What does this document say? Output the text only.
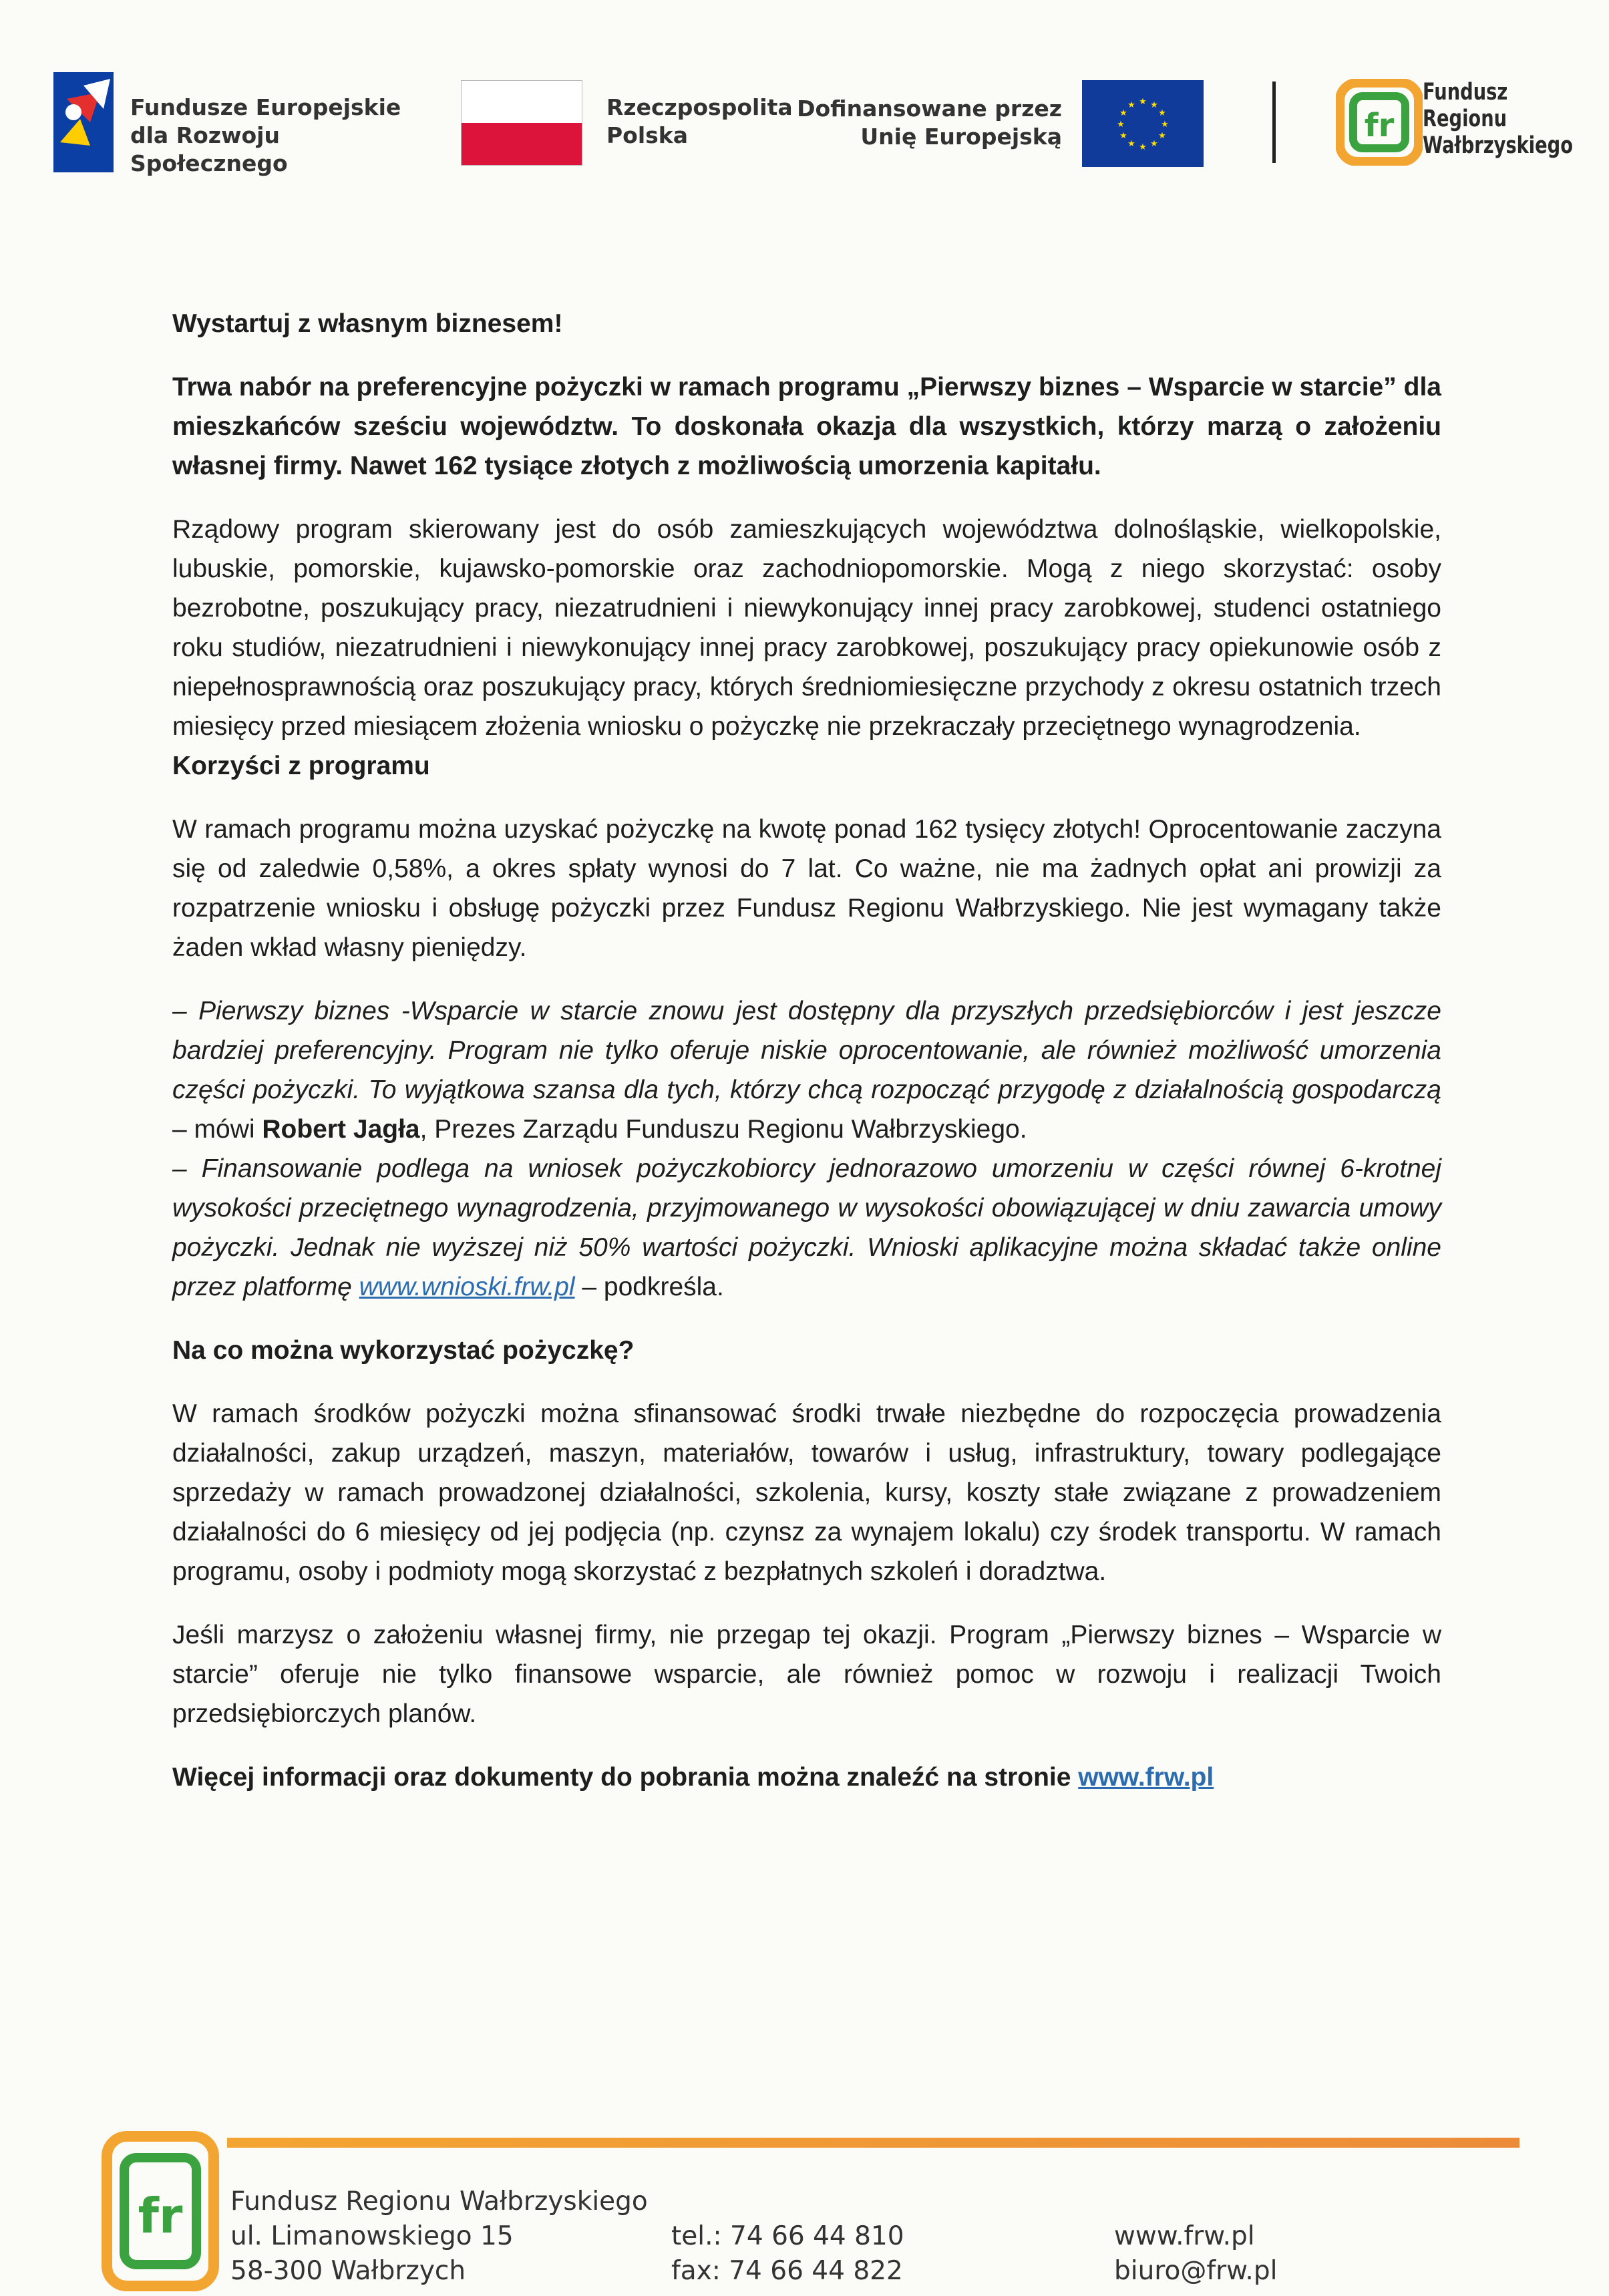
Fundusze Europejskie
dla Rozwoju Społecznego
Rzeczpospolita
Polska
Dofinansowane przez
Unię Europejską
★ ★
★
★
★
★
★
★
★
★
★
★
fr
Fundusz
Regionu
Wałbrzyskiego

Wystartuj z własnym biznesem!

Trwa nabór na preferencyjne pożyczki w ramach programu „Pierwszy biznes – Wsparcie w starcie” dla mieszkańców sześciu województw. To doskonała okazja dla wszystkich, którzy marzą o założeniu własnej firmy. Nawet 162 tysiące złotych z możliwością umorzenia kapitału.

Rządowy program skierowany jest do osób zamieszkujących województwa dolnośląskie, wielkopolskie, lubuskie, pomorskie, kujawsko-pomorskie oraz zachodniopomorskie. Mogą z niego skorzystać: osoby bezrobotne, poszukujący pracy, niezatrudnieni i niewykonujący innej pracy zarobkowej, studenci ostatniego roku studiów, niezatrudnieni i niewykonujący innej pracy zarobkowej, poszukujący pracy opiekunowie osób z niepełnosprawnością oraz poszukujący pracy, których średniomiesięczne przychody z okresu ostatnich trzech miesięcy przed miesiącem złożenia wniosku o pożyczkę nie przekraczały przeciętnego wynagrodzenia.

Korzyści z programu

W ramach programu można uzyskać pożyczkę na kwotę ponad 162 tysięcy złotych! Oprocentowanie zaczyna się od zaledwie 0,58%, a okres spłaty wynosi do 7 lat. Co ważne, nie ma żadnych opłat ani prowizji za rozpatrzenie wniosku i obsługę pożyczki przez Fundusz Regionu Wałbrzyskiego. Nie jest wymagany także żaden wkład własny pieniędzy.

– Pierwszy biznes -Wsparcie w starcie znowu jest dostępny dla przyszłych przedsiębiorców i jest jeszcze bardziej preferencyjny. Program nie tylko oferuje niskie oprocentowanie, ale również możliwość umorzenia części pożyczki. To wyjątkowa szansa dla tych, którzy chcą rozpocząć przygodę z działalnością gospodarczą – mówi Robert Jagła, Prezes Zarządu Funduszu Regionu Wałbrzyskiego.

– Finansowanie podlega na wniosek pożyczkobiorcy jednorazowo umorzeniu w części równej 6-krotnej wysokości przeciętnego wynagrodzenia, przyjmowanego w wysokości obowiązującej w dniu zawarcia umowy pożyczki. Jednak nie wyższej niż 50% wartości pożyczki. Wnioski aplikacyjne można składać także online przez platformę www.wnioski.frw.pl – podkreśla.

Na co można wykorzystać pożyczkę?

W ramach środków pożyczki można sfinansować środki trwałe niezbędne do rozpoczęcia prowadzenia działalności, zakup urządzeń, maszyn, materiałów, towarów i usług, infrastruktury, towary podlegające sprzedaży w ramach prowadzonej działalności, szkolenia, kursy, koszty stałe związane z prowadzeniem działalności do 6 miesięcy od jej podjęcia (np. czynsz za wynajem lokalu) czy środek transportu. W ramach programu, osoby i podmioty mogą skorzystać z bezpłatnych szkoleń i doradztwa.

Jeśli marzysz o założeniu własnej firmy, nie przegap tej okazji. Program „Pierwszy biznes – Wsparcie w starcie” oferuje nie tylko finansowe wsparcie, ale również pomoc w rozwoju i realizacji Twoich przedsiębiorczych planów.

Więcej informacji oraz dokumenty do pobrania można znaleźć na stronie www.frw.pl

fr Fundusz Regionu Wałbrzyskiego
ul. Limanowskiego 15
58-300 Wałbrzych
tel.: 74 66 44 810
fax: 74 66 44 822
www.frw.pl
biuro@frw.pl
